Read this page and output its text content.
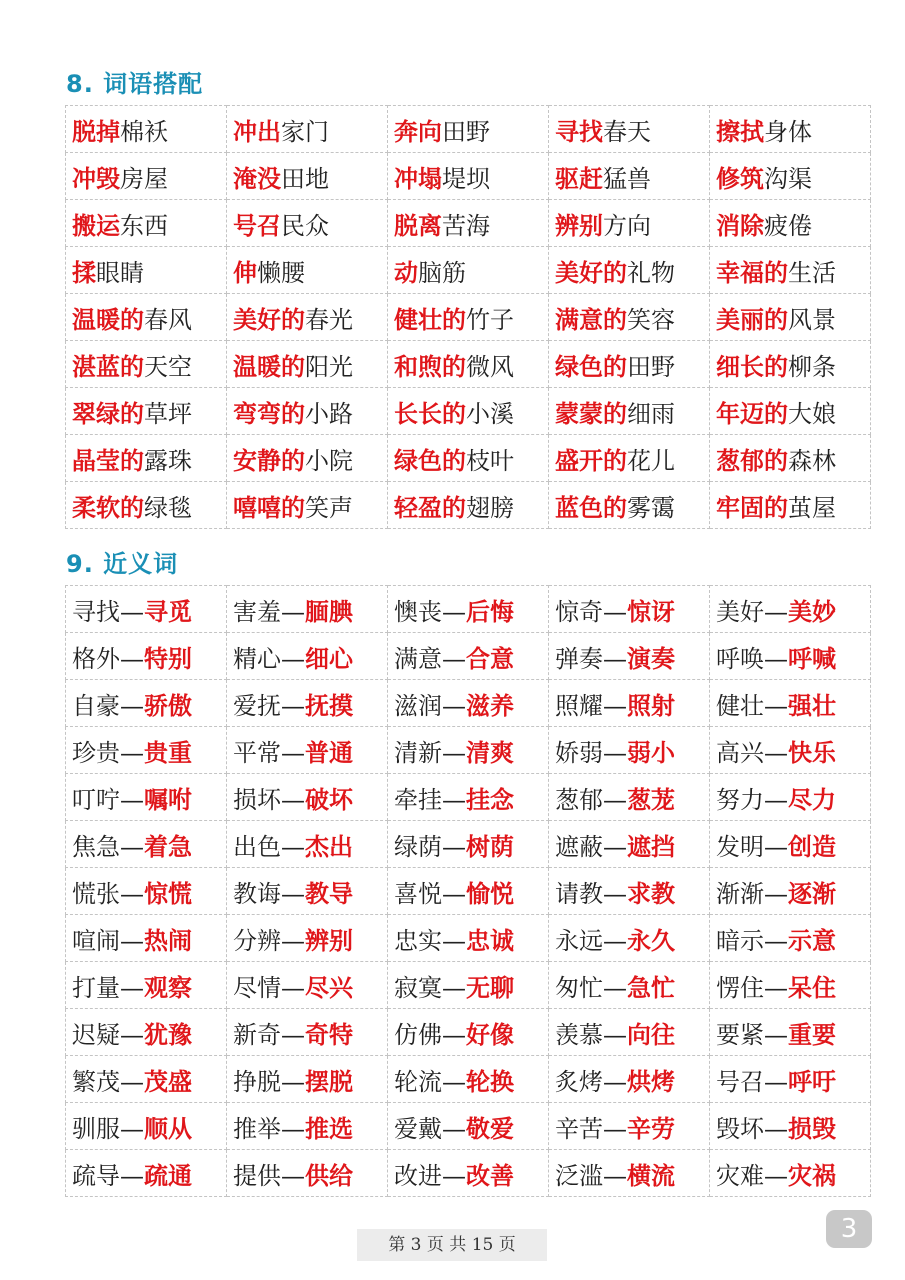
8. 词语搭配
脱掉棉袄	冲出家门	奔向田野	寻找春天	擦拭身体
冲毁房屋	淹没田地	冲塌堤坝	驱赶猛兽	修筑沟渠
搬运东西	号召民众	脱离苦海	辨别方向	消除疲倦
揉眼睛	伸懒腰	动脑筋	美好的礼物	幸福的生活
温暖的春风	美好的春光	健壮的竹子	满意的笑容	美丽的风景
湛蓝的天空	温暖的阳光	和煦的微风	绿色的田野	细长的柳条
翠绿的草坪	弯弯的小路	长长的小溪	蒙蒙的细雨	年迈的大娘
晶莹的露珠	安静的小院	绿色的枝叶	盛开的花儿	葱郁的森林
柔软的绿毯	嘻嘻的笑声	轻盈的翅膀	蓝色的雾霭	牢固的茧屋
9. 近义词
寻找—寻觅	害羞—腼腆	懊丧—后悔	惊奇—惊讶	美好—美妙
格外—特别	精心—细心	满意—合意	弹奏—演奏	呼唤—呼喊
自豪—骄傲	爱抚—抚摸	滋润—滋养	照耀—照射	健壮—强壮
珍贵—贵重	平常—普通	清新—清爽	娇弱—弱小	高兴—快乐
叮咛—嘱咐	损坏—破坏	牵挂—挂念	葱郁—葱茏	努力—尽力
焦急—着急	出色—杰出	绿荫—树荫	遮蔽—遮挡	发明—创造
慌张—惊慌	教诲—教导	喜悦—愉悦	请教—求教	渐渐—逐渐
喧闹—热闹	分辨—辨别	忠实—忠诚	永远—永久	暗示—示意
打量—观察	尽情—尽兴	寂寞—无聊	匆忙—急忙	愣住—呆住
迟疑—犹豫	新奇—奇特	仿佛—好像	羡慕—向往	要紧—重要
繁茂—茂盛	挣脱—摆脱	轮流—轮换	炙烤—烘烤	号召—呼吁
驯服—顺从	推举—推选	爱戴—敬爱	辛苦—辛劳	毁坏—损毁
疏导—疏通	提供—供给	改进—改善	泛滥—横流	灾难—灾祸
第 3 页 共 15 页
3
